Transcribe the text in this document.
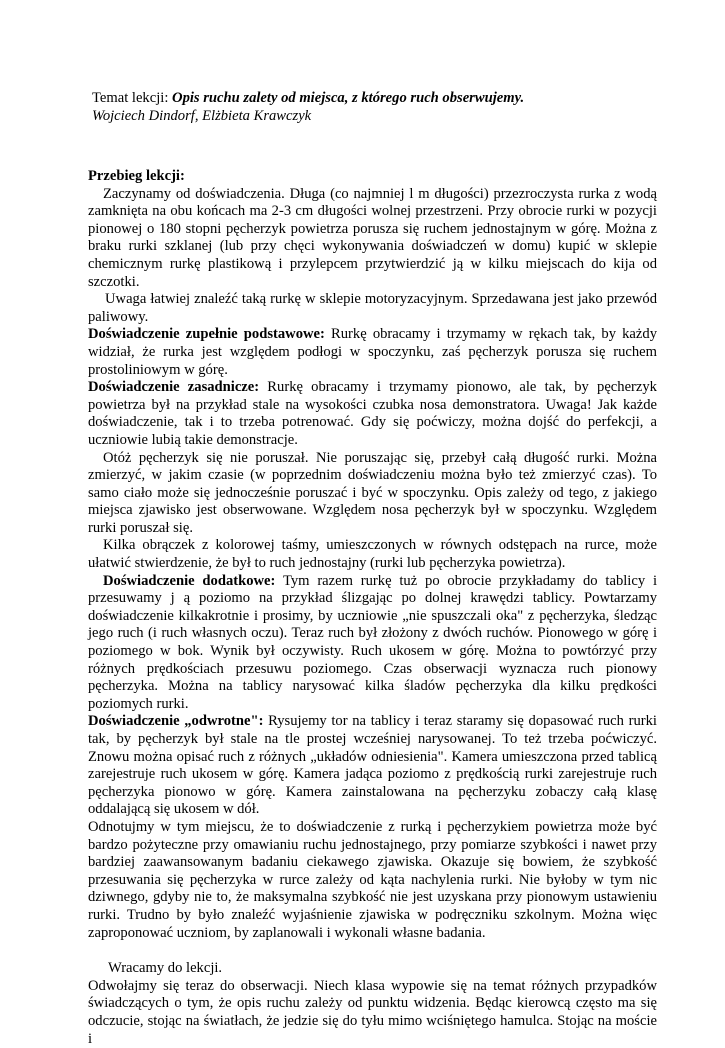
Temat lekcji: Opis ruchu zalety od miejsca, z którego ruch obserwujemy.
Wojciech Dindorf, Elżbieta Krawczyk
Przebieg lekcji:

Zaczynamy od doświadczenia. Długa (co najmniej l m długości) przezroczysta rurka z wodą zamknięta na obu końcach ma 2-3 cm długości wolnej przestrzeni. Przy obrocie rurki w pozycji pionowej o 180 stopni pęcherzyk powietrza porusza się ruchem jednostajnym w górę. Można z braku rurki szklanej (lub przy chęci wykonywania doświadczeń w domu) kupić w sklepie chemicznym rurkę plastikową i przylepcem przytwierdzić ją w kilku miejscach do kija od szczotki.

Uwaga łatwiej znaleźć taką rurkę w sklepie motoryzacyjnym. Sprzedawana jest jako przewód paliwowy.

Doświadczenie zupełnie podstawowe: Rurkę obracamy i trzymamy w rękach tak, by każdy widział, że rurka jest względem podłogi w spoczynku, zaś pęcherzyk porusza się ruchem prostoliniowym w górę.

Doświadczenie zasadnicze: Rurkę obracamy i trzymamy pionowo, ale tak, by pęcherzyk powietrza był na przykład stale na wysokości czubka nosa demonstratora. Uwaga! Jak każde doświadczenie, tak i to trzeba potrenować. Gdy się poćwiczy, można dojść do perfekcji, a uczniowie lubią takie demonstracje.

Otóż pęcherzyk się nie poruszał. Nie poruszając się, przebył całą długość rurki. Można zmierzyć, w jakim czasie (w poprzednim doświadczeniu można było też zmierzyć czas). To samo ciało może się jednocześnie poruszać i być w spoczynku. Opis zależy od tego, z jakiego miejsca zjawisko jest obserwowane. Względem nosa pęcherzyk był w spoczynku. Względem rurki poruszał się.

Kilka obrączek z kolorowej taśmy, umieszczonych w równych odstępach na rurce, może ułatwić stwierdzenie, że był to ruch jednostajny (rurki lub pęcherzyka powietrza).

Doświadczenie dodatkowe: Tym razem rurkę tuż po obrocie przykładamy do tablicy i przesuwamy j ą poziomo na przykład ślizgając po dolnej krawędzi tablicy. Powtarzamy doświadczenie kilkakrotnie i prosimy, by uczniowie „nie spuszczali oka" z pęcherzyka, śledząc jego ruch (i ruch własnych oczu). Teraz ruch był złożony z dwóch ruchów. Pionowego w górę i poziomego w bok. Wynik był oczywisty. Ruch ukosem w górę. Można to powtórzyć przy różnych prędkościach przesuwu poziomego. Czas obserwacji wyznacza ruch pionowy pęcherzyka. Można na tablicy narysować kilka śladów pęcherzyka dla kilku prędkości poziomych rurki.

Doświadczenie „odwrotne": Rysujemy tor na tablicy i teraz staramy się dopasować ruch rurki tak, by pęcherzyk był stale na tle prostej wcześniej narysowanej. To też trzeba poćwiczyć. Znowu można opisać ruch z różnych „układów odniesienia". Kamera umieszczona przed tablicą zarejestruje ruch ukosem w górę. Kamera jadąca poziomo z prędkością rurki zarejestruje ruch pęcherzyka pionowo w górę. Kamera zainstalowana na pęcherzyku zobaczy całą klasę oddalającą się ukosem w dół.

Odnotujmy w tym miejscu, że to doświadczenie z rurką i pęcherzykiem powietrza może być bardzo pożyteczne przy omawianiu ruchu jednostajnego, przy pomiarze szybkości i nawet przy bardziej zaawansowanym badaniu ciekawego zjawiska. Okazuje się bowiem, że szybkość przesuwania się pęcherzyka w rurce zależy od kąta nachylenia rurki. Nie byłoby w tym nic dziwnego, gdyby nie to, że maksymalna szybkość nie jest uzyskana przy pionowym ustawieniu rurki. Trudno by było znaleźć wyjaśnienie zjawiska w podręczniku szkolnym. Można więc zaproponować uczniom, by zaplanowali i wykonali własne badania.

Wracamy do lekcji.

Odwołajmy się teraz do obserwacji. Niech klasa wypowie się na temat różnych przypadków świadczących o tym, że opis ruchu zależy od punktu widzenia. Będąc kierowcą często ma się odczucie, stojąc na światłach, że jedzie się do tyłu mimo wciśniętego hamulca. Stojąc na moście i
